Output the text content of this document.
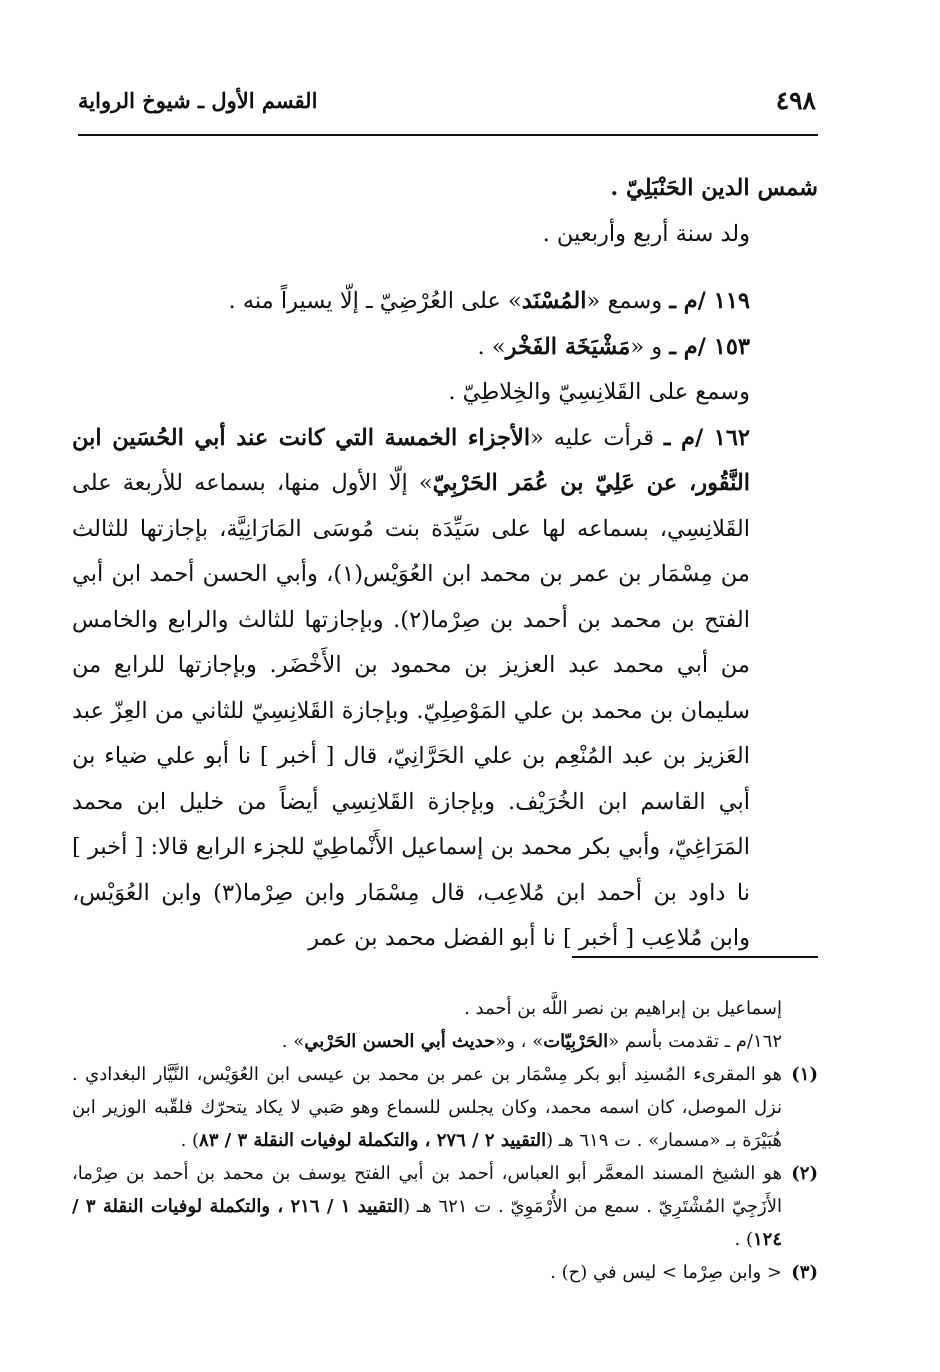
٤٩٨
القسم الأول ـ شيوخ الرواية

شمس الدين الحَنْبَلِيّ .

ولد سنة أربع وأربعين .

١١٩ /م ـ وسمع «المُسْنَد» على العُرْضِيّ ـ إلّا يسيراً منه .

١٥٣ /م ـ و «مَشْيَخَة الفَخْر» .

وسمع على القَلانِسِيّ والخِلاطِيّ .

١٦٢ /م ـ قرأت عليه «الأجزاء الخمسة التي كانت عند أبي الحُسَين ابن النَّقُور، عن عَلِيّ بن عُمَر الحَرْبِيّ» إلّا الأول منها، بسماعه للأربعة على القَلانِسِي، بسماعه لها على سَيِّدَة بنت مُوسَى المَارَانِيَّة، بإجازتها للثالث من مِسْمَار بن عمر بن محمد ابن العُوَيْس(١)، وأبي الحسن أحمد ابن أبي الفتح بن محمد بن أحمد بن صِرْما(٢). وبإجازتها للثالث والرابع والخامس من أبي محمد عبد العزيز بن محمود بن الأَخْضَر. وبإجازتها للرابع من سليمان بن محمد بن علي المَوْصِلِيّ. وبإجازة القَلانِسِيّ للثاني من العِزّ عبد العَزيز بن عبد المُنْعِم بن علي الحَرَّانِيّ، قال [ أخبر ] نا أبو علي ضياء بن أبي القاسم ابن الخُرَيْف. وبإجازة القَلانِسِي أيضاً من خليل ابن محمد المَرَاغِيّ، وأبي بكر محمد بن إسماعيل الأَنْماطِيّ للجزء الرابع قالا: [ أخبر ] نا داود بن أحمد ابن مُلاعِب، قال مِسْمَار وابن صِرْما(٣) وابن العُوَيْس، وابن مُلاعِب [ أخبر ] نا أبو الفضل محمد بن عمر

إسماعيل بن إبراهيم بن نصر اللَّه بن أحمد .

١٦٢/م ـ تقدمت بأسم «الحَرْبِيّات» ، و«حديث أبي الحسن الحَرْبي» .

(١)هو المقرىء المُسنِد أبو بكر مِسْمَار بن عمر بن محمد بن عيسى ابن العُوَيْس، النَّيَّار البغدادي . نزل الموصل، كان اسمه محمد، وكان يجلس للسماع وهو صَبي لا يكاد يتحرّك فلقّبه الوزير ابن هُبَيْرَة بـ «مسمار» . ت ٦١٩ هـ (التقييد ٢ / ٢٧٦ ، والتكملة لوفيات النقلة ٣ / ٨٣) .

(٢)هو الشيخ المسند المعمَّر أبو العباس، أحمد بن أبي الفتح يوسف بن محمد بن أحمد بن صِرْما، الأَزَجِيّ المُشْتَرِيّ . سمع من الأُرْمَوِيّ . ت ٦٢١ هـ (التقييد ١ / ٢١٦ ، والتكملة لوفيات النقلة ٣ / ١٢٤) .

(٣)< وابن صِرْما > ليس في (ح) .
